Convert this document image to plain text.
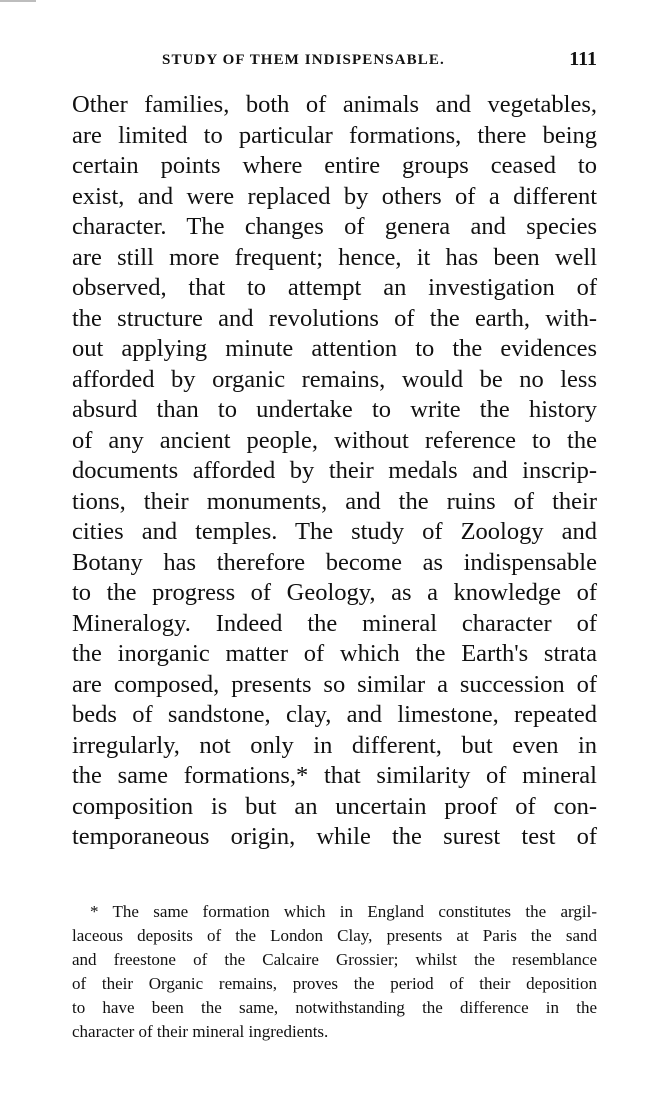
STUDY OF THEM INDISPENSABLE.	111
Other families, both of animals and vegetables,
are limited to particular formations, there being
certain points where entire groups ceased to
exist, and were replaced by others of a different
character. The changes of genera and species
are still more frequent; hence, it has been well
observed, that to attempt an investigation of
the structure and revolutions of the earth, with-
out applying minute attention to the evidences
afforded by organic remains, would be no less
absurd than to undertake to write the history
of any ancient people, without reference to the
documents afforded by their medals and inscrip-
tions, their monuments, and the ruins of their
cities and temples. The study of Zoology and
Botany has therefore become as indispensable
to the progress of Geology, as a knowledge of
Mineralogy. Indeed the mineral character of
the inorganic matter of which the Earth's strata
are composed, presents so similar a succession of
beds of sandstone, clay, and limestone, repeated
irregularly, not only in different, but even in
the same formations,* that similarity of mineral
composition is but an uncertain proof of con-
temporaneous origin, while the surest test of
* The same formation which in England constitutes the argil-
laceous deposits of the London Clay, presents at Paris the sand
and freestone of the Calcaire Grossier; whilst the resemblance
of their Organic remains, proves the period of their deposition
to have been the same, notwithstanding the difference in the
character of their mineral ingredients.
